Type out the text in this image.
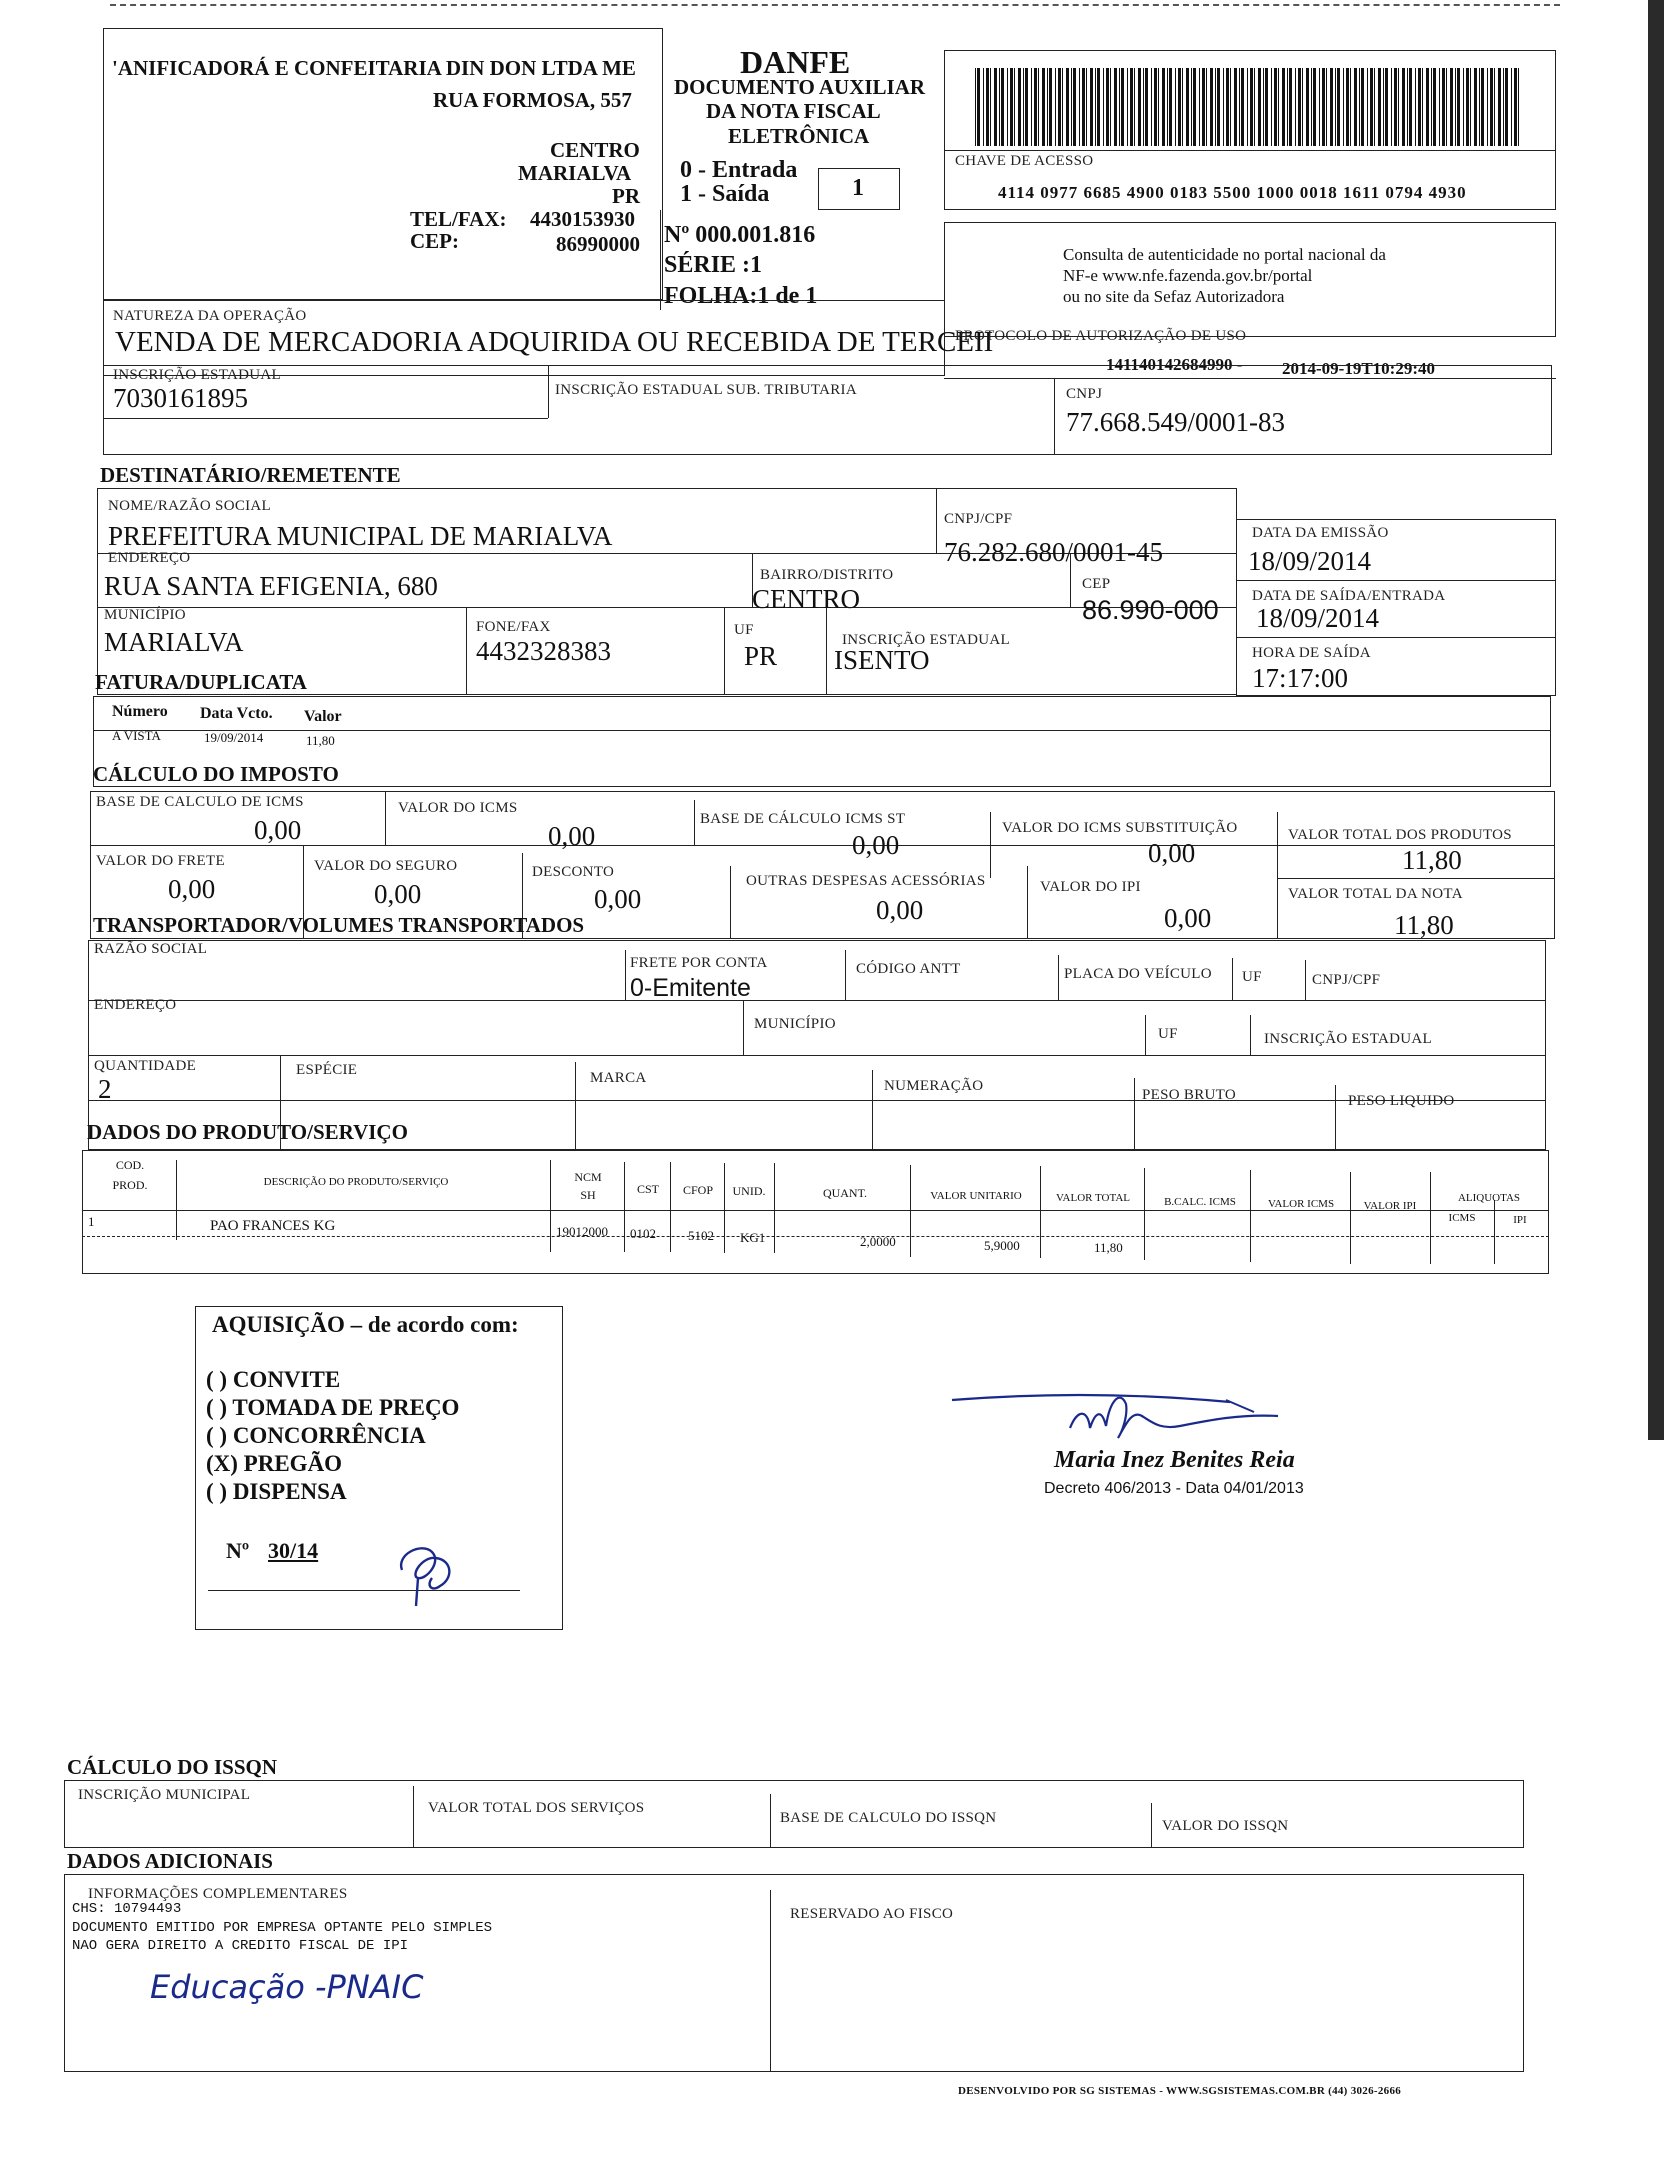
'ANIFICADORÁ E CONFEITARIA DIN DON LTDA ME
RUA FORMOSA, 557
CENTRO
MARIALVA
PR
TEL/FAX: 4430153930
CEP:	86990000
DANFE
DOCUMENTO AUXILIAR
DA NOTA FISCAL
ELETRÔNICA
0 - Entrada
1 - Saída	1
Nº 000.001.816
SÉRIE :1
FOLHA:1 de 1
CHAVE DE ACESSO
4114 0977 6685 4900 0183 5500 1000 0018 1611 0794 4930
Consulta de autenticidade no portal nacional da
NF-e www.nfe.fazenda.gov.br/portal
ou no site da Sefaz Autorizadora
NATUREZA DA OPERAÇÃO
VENDA DE MERCADORIA ADQUIRIDA OU RECEBIDA DE TERCEII
PROTOCOLO DE AUTORIZAÇÃO DE USO
141140142684990 - 2014-09-19T10:29:40
INSCRIÇÃO ESTADUAL
7030161895	INSCRIÇÃO ESTADUAL SUB. TRIBUTARIA	CNPJ
77.668.549/0001-83
DESTINATÁRIO/REMETENTE
NOME/RAZÃO SOCIAL
PREFEITURA MUNICIPAL DE MARIALVA
CNPJ/CPF
76.282.680/0001-45
DATA DA EMISSÃO
18/09/2014
ENDEREÇO
RUA SANTA EFIGENIA, 680	BAIRRO/DISTRITO
CENTRO	CEP
86.990-000 DATA DE SAÍDA/ENTRADA
18/09/2014
MUNICÍPIO
MARIALVA	FONE/FAX
4432328383
UF
PR
INSCRIÇÃO ESTADUAL
ISENTO	HORA DE SAÍDA
17:17:00
FATURA/DUPLICATA
Número Data Vcto. Valor
A VISTA	19/09/2014	11,80
CÁLCULO DO IMPOSTO
BASE DE CALCULO DE ICMS
0,00
VALOR DO ICMS
0,00
BASE DE CÁLCULO ICMS ST
0,00
VALOR DO ICMS SUBSTITUIÇÃO
0,00
VALOR TOTAL DOS PRODUTOS
11,80
VALOR DO FRETE
0,00
VALOR DO SEGURO
0,00
DESCONTO
0,00
OUTRAS DESPESAS ACESSÓRIAS
0,00
VALOR DO IPI
0,00
VALOR TOTAL DA NOTA
11,80
TRANSPORTADOR/VOLUMES TRANSPORTADOS
RAZÃO SOCIAL
FRETE POR CONTA
0-Emitente
CÓDIGO ANTT	PLACA DO VEÍCULO UF	CNPJ/CPF
ENDEREÇO
MUNICÍPIO
UF	INSCRIÇÃO ESTADUAL
QUANTIDADE
2
ESPÉCIE	MARCA	NUMERAÇÃO
PESO BRUTO	PESO LIQUIDO
DADOS DO PRODUTO/SERVIÇO
COD.
PROD.	DESCRIÇÃO DO PRODUTO/SERVIÇO	NCM
SH	CST	CFOP	UNID.	QUANT.	VALOR UNITARIO	VALOR TOTAL	B.CALC. ICMS	VALOR ICMS	VALOR IPI
ALIQUOTAS
ICMS	IPI
1	PAO FRANCES KG	19012000 0102 5102 KG1	2,0000	5,9000	11,80
AQUISIÇÃO – de acordo com:
( ) CONVITE
( ) TOMADA DE PREÇO
( ) CONCORRÊNCIA
(X) PREGÃO
( ) DISPENSA
Nº 30/14
Maria Inez Benites Reia
Decreto 406/2013 - Data 04/01/2013
CÁLCULO DO ISSQN
INSCRIÇÃO MUNICIPAL
VALOR TOTAL DOS SERVIÇOS
BASE DE CALCULO DO ISSQN	VALOR DO ISSQN
DADOS ADICIONAIS
INFORMAÇÕES COMPLEMENTARES
CHS: 10794493
DOCUMENTO EMITIDO POR EMPRESA OPTANTE PELO SIMPLES
NAO GERA DIREITO A CREDITO FISCAL DE IPI
Educação -PNAIC
RESERVADO AO FISCO
DESENVOLVIDO POR SG SISTEMAS - WWW.SGSISTEMAS.COM.BR (44) 3026-2666
